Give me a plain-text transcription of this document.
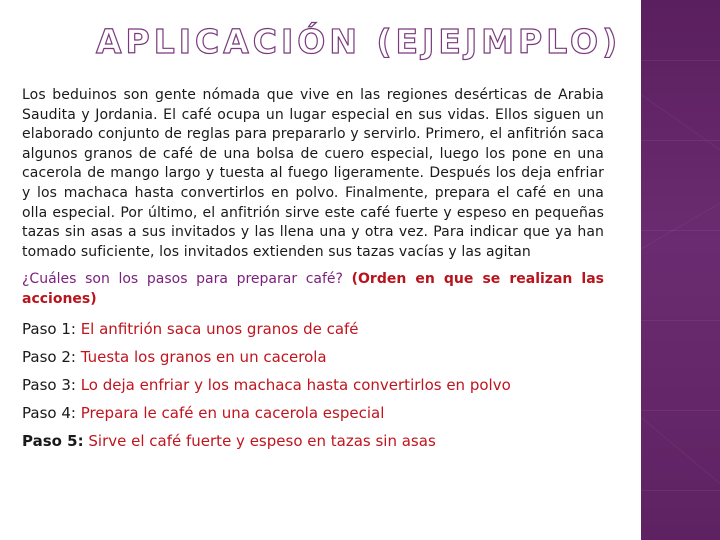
APLICACIÓN (EJEJMPLO)

Los beduinos son gente nómada que vive en las regiones desérticas de Arabia Saudita y Jordania. El café ocupa un lugar especial en sus vidas. Ellos siguen un elaborado conjunto de reglas para prepararlo y servirlo. Primero, el anfitrión saca algunos granos de café de una bolsa de cuero especial, luego los pone en una cacerola de mango largo y tuesta al fuego ligeramente. Después los deja enfriar y los machaca hasta convertirlos en polvo. Finalmente, prepara el café en una olla especial. Por último, el anfitrión sirve este café fuerte y espeso en pequeñas tazas sin asas a sus invitados y las llena una y otra vez. Para indicar que ya han tomado suficiente, los invitados extienden sus tazas vacías y las agitan

¿Cuáles son los pasos para preparar café? (Orden en que se realizan las acciones)

Paso 1: El anfitrión saca unos granos de café

Paso 2: Tuesta los granos en un cacerola

Paso 3: Lo deja enfriar y los machaca hasta convertirlos en polvo

Paso 4: Prepara le café en una cacerola especial

Paso 5: Sirve el café fuerte y espeso en tazas sin asas
